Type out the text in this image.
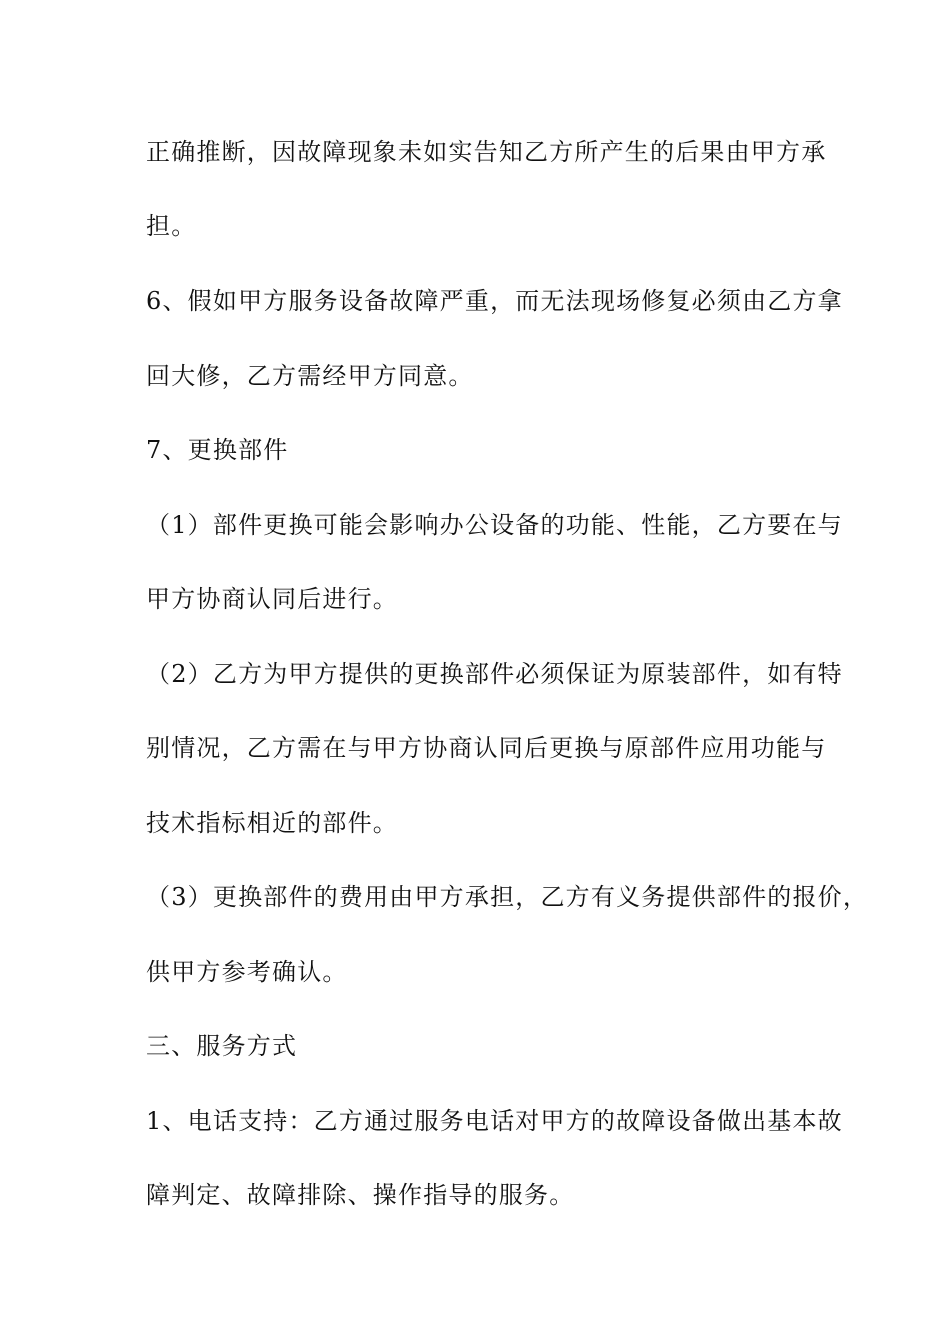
正确推断，因故障现象未如实告知乙方所产生的后果由甲方承
担。
6、假如甲方服务设备故障严重，而无法现场修复必须由乙方拿
回大修，乙方需经甲方同意。
7、更换部件
（1）部件更换可能会影响办公设备的功能、性能，乙方要在与
甲方协商认同后进行。
（2）乙方为甲方提供的更换部件必须保证为原装部件，如有特
别情况，乙方需在与甲方协商认同后更换与原部件应用功能与
技术指标相近的部件。
（3）更换部件的费用由甲方承担，乙方有义务提供部件的报价，
供甲方参考确认。
三、服务方式
1、电话支持：乙方通过服务电话对甲方的故障设备做出基本故
障判定、故障排除、操作指导的服务。
